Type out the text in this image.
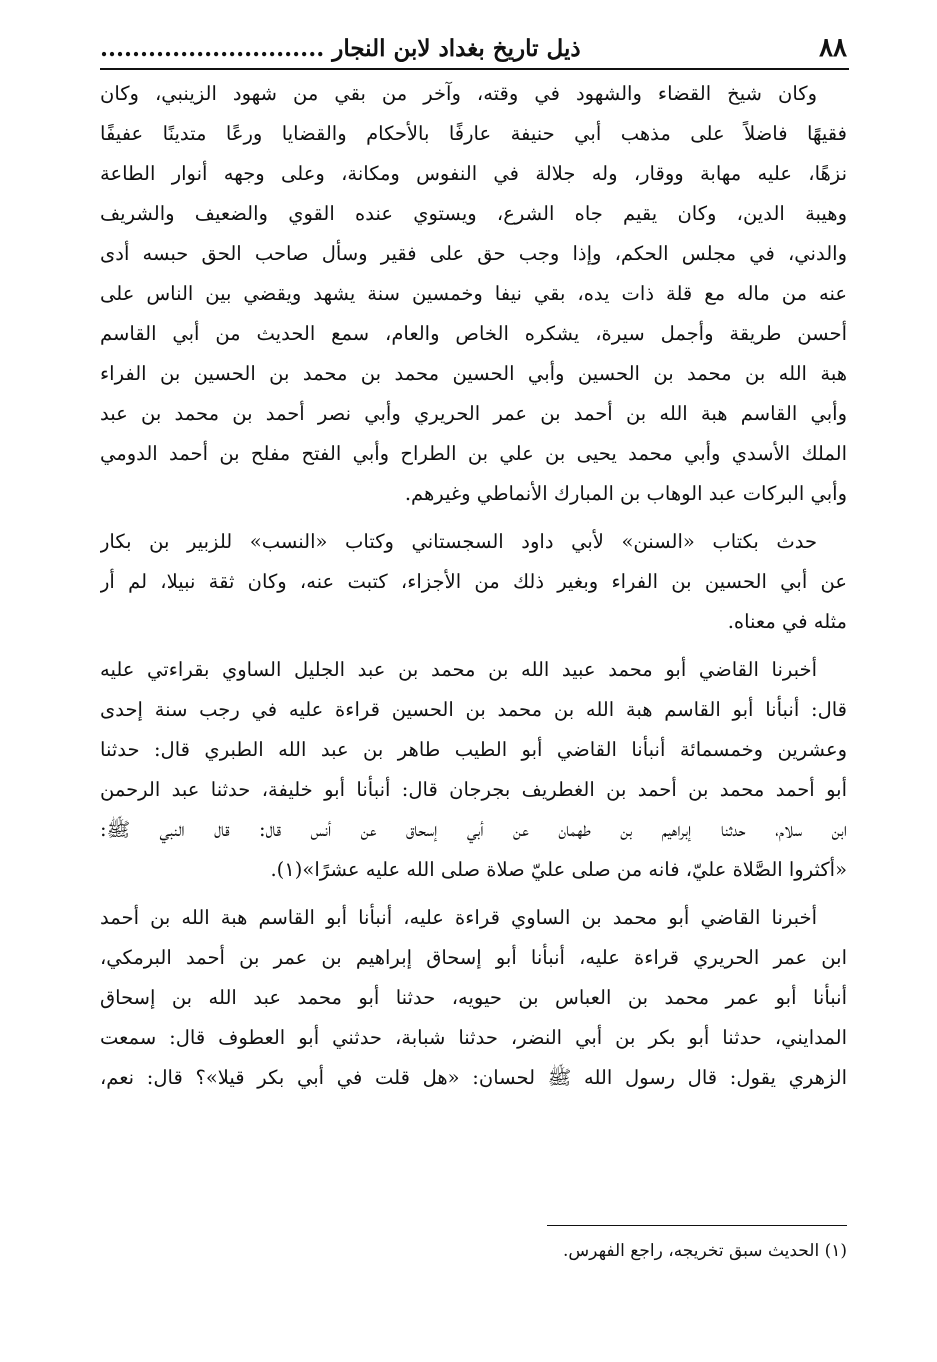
٨٨
ذيل تاريخ بغداد لابن النجار ............................

وكان شيخ القضاء والشهود في وقته، وآخر من بقي من شهود الزينبي، وكان
فقيهًا فاضلاً على مذهب أبي حنيفة عارفًا بالأحكام والقضايا ورعًا متدينًا عفيفًا
نزهًا، عليه مهابة ووقار، وله جلالة في النفوس ومكانة، وعلى وجهه أنوار الطاعة
وهيبة الدين، وكان يقيم جاه الشرع، ويستوي عنده القوي والضعيف والشريف
والدني، في مجلس الحكم، وإذا وجب حق على فقير وسأل صاحب الحق حبسه أدى
عنه من ماله مع قلة ذات يده، بقي نيفا وخمسين سنة يشهد ويقضي بين الناس على
أحسن طريقة وأجمل سيرة، يشكره الخاص والعام، سمع الحديث من أبي القاسم
هبة الله بن محمد بن الحسين وأبي الحسين محمد بن محمد بن الحسين بن الفراء
وأبي القاسم هبة الله بن أحمد بن عمر الحريري وأبي نصر أحمد بن محمد بن عبد
الملك الأسدي وأبي محمد يحيى بن علي بن الطراح وأبي الفتح مفلح بن أحمد الدومي
وأبي البركات عبد الوهاب بن المبارك الأنماطي وغيرهم.

حدث بكتاب «السنن» لأبي داود السجستاني وكتاب «النسب» للزبير بن بكار
عن أبي الحسين بن الفراء وبغير ذلك من الأجزاء، كتبت عنه، وكان ثقة نبيلا، لم أر
مثله في معناه.

أخبرنا القاضي أبو محمد عبيد الله بن محمد بن عبد الجليل الساوي بقراءتي عليه
قال: أنبأنا أبو القاسم هبة الله بن محمد بن الحسين قراءة عليه في رجب سنة إحدى
وعشرين وخمسمائة أنبأنا القاضي أبو الطيب طاهر بن عبد الله الطبري قال: حدثنا
أبو أحمد محمد بن أحمد بن الغطريف بجرجان قال: أنبأنا أبو خليفة، حدثنا عبد الرحمن
ابن سلام، حدثنا إبراهيم بن طهمان عن أبي إسحاق عن أنس قال: قال النبي ﷺ:
«أكثروا الصَّلاة عليّ، فانه من صلى عليّ صلاة صلى الله عليه عشرًا»(١).

أخبرنا القاضي أبو محمد بن الساوي قراءة عليه، أنبأنا أبو القاسم هبة الله بن أحمد
ابن عمر الحريري قراءة عليه، أنبأنا أبو إسحاق إبراهيم بن عمر بن أحمد البرمكي،
أنبأنا أبو عمر محمد بن العباس بن حيويه، حدثنا أبو محمد عبد الله بن إسحاق
المدايني، حدثنا أبو بكر بن أبي النضر، حدثنا شبابة، حدثني أبو العطوف قال: سمعت
الزهري يقول: قال رسول الله ﷺ لحسان: «هل قلت في أبي بكر قيلا»؟ قال: نعم،

(١) الحديث سبق تخريجه، راجع الفهرس.
